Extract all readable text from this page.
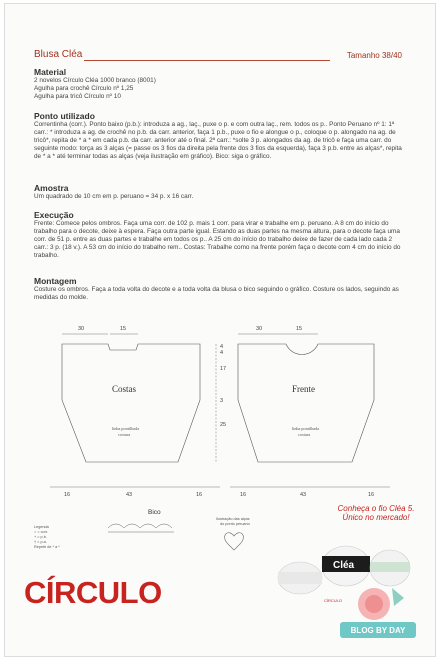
Blusa Cléa	Tamanho 38/40
Material
2 novelos Círculo Cléa 1000 branco (8001)
Agulha para crochê Círculo nº 1,25
Agulha para tricô Círculo nº 10
Ponto utilizado
Correntinha (corr.). Ponto baixo (p.b.): introduza a ag., laç., puxe o p. e com outra laç., rem. todos os p.. Ponto Peruano nº 1: 1ª carr.: * introduza a ag. de crochê no p.b. da carr. anterior, faça 1 p.b., puxe o fio e alongue o p., coloque o p. alongado na ag. de tricô*, repita de * a * em cada p.b. da carr. anterior até o final. 2ª carr.: *solte 3 p. alongados da ag. de tricô e faça uma carr. do seguinte modo: torça as 3 alças (= passe os 3 fios da direita pela frente dos 3 fios da esquerda), faça 3 p.b. entre as alças*, repita de * a * até terminar todas as alças (veja ilustração em gráfico). Bico: siga o gráfico.
Amostra
Um quadrado de 10 cm em p. peruano = 34 p. x 16 carr.
Execução
Frente: Comece pelos ombros. Faça uma corr. de 102 p. mais 1 corr. para virar e trabalhe em p. peruano. A 8 cm do início do trabalho para o decote, deixe à espera. Faça outra parte igual. Estando as duas partes na mesma altura, para o decote faça uma corr. de 51 p. entre as duas partes e trabalhe em todos os p.. A 25 cm do início do trabalho deixe de fazer de cada lado cada 2 carr.: 3 p. (18 v.). A 53 cm do início do trabalho rem.. Costas: Trabalhe como na frente porém faça o decote com 4 cm do início do trabalho.
Montagem
Costure os ombros. Faça a toda volta do decote e a toda volta da blusa o bico seguindo o gráfico. Costure os lados, seguindo as medidas do molde.
30	15	30	15
4
4
17
3
25
16	43	16	16	43	16
Costas	Frente
linha pontilhada
costura
linha pontilhada
costura
Bico
Legenda
○ = corr.
+ = p.b.
† = p.a.
Repetir de * a *
Ilustração das alças
do ponto peruano
Cléa
CÍRCULO
Conheça o fio Cléa 5.
Único no mercado!
CÍRCULO
BLOG BY DAY
